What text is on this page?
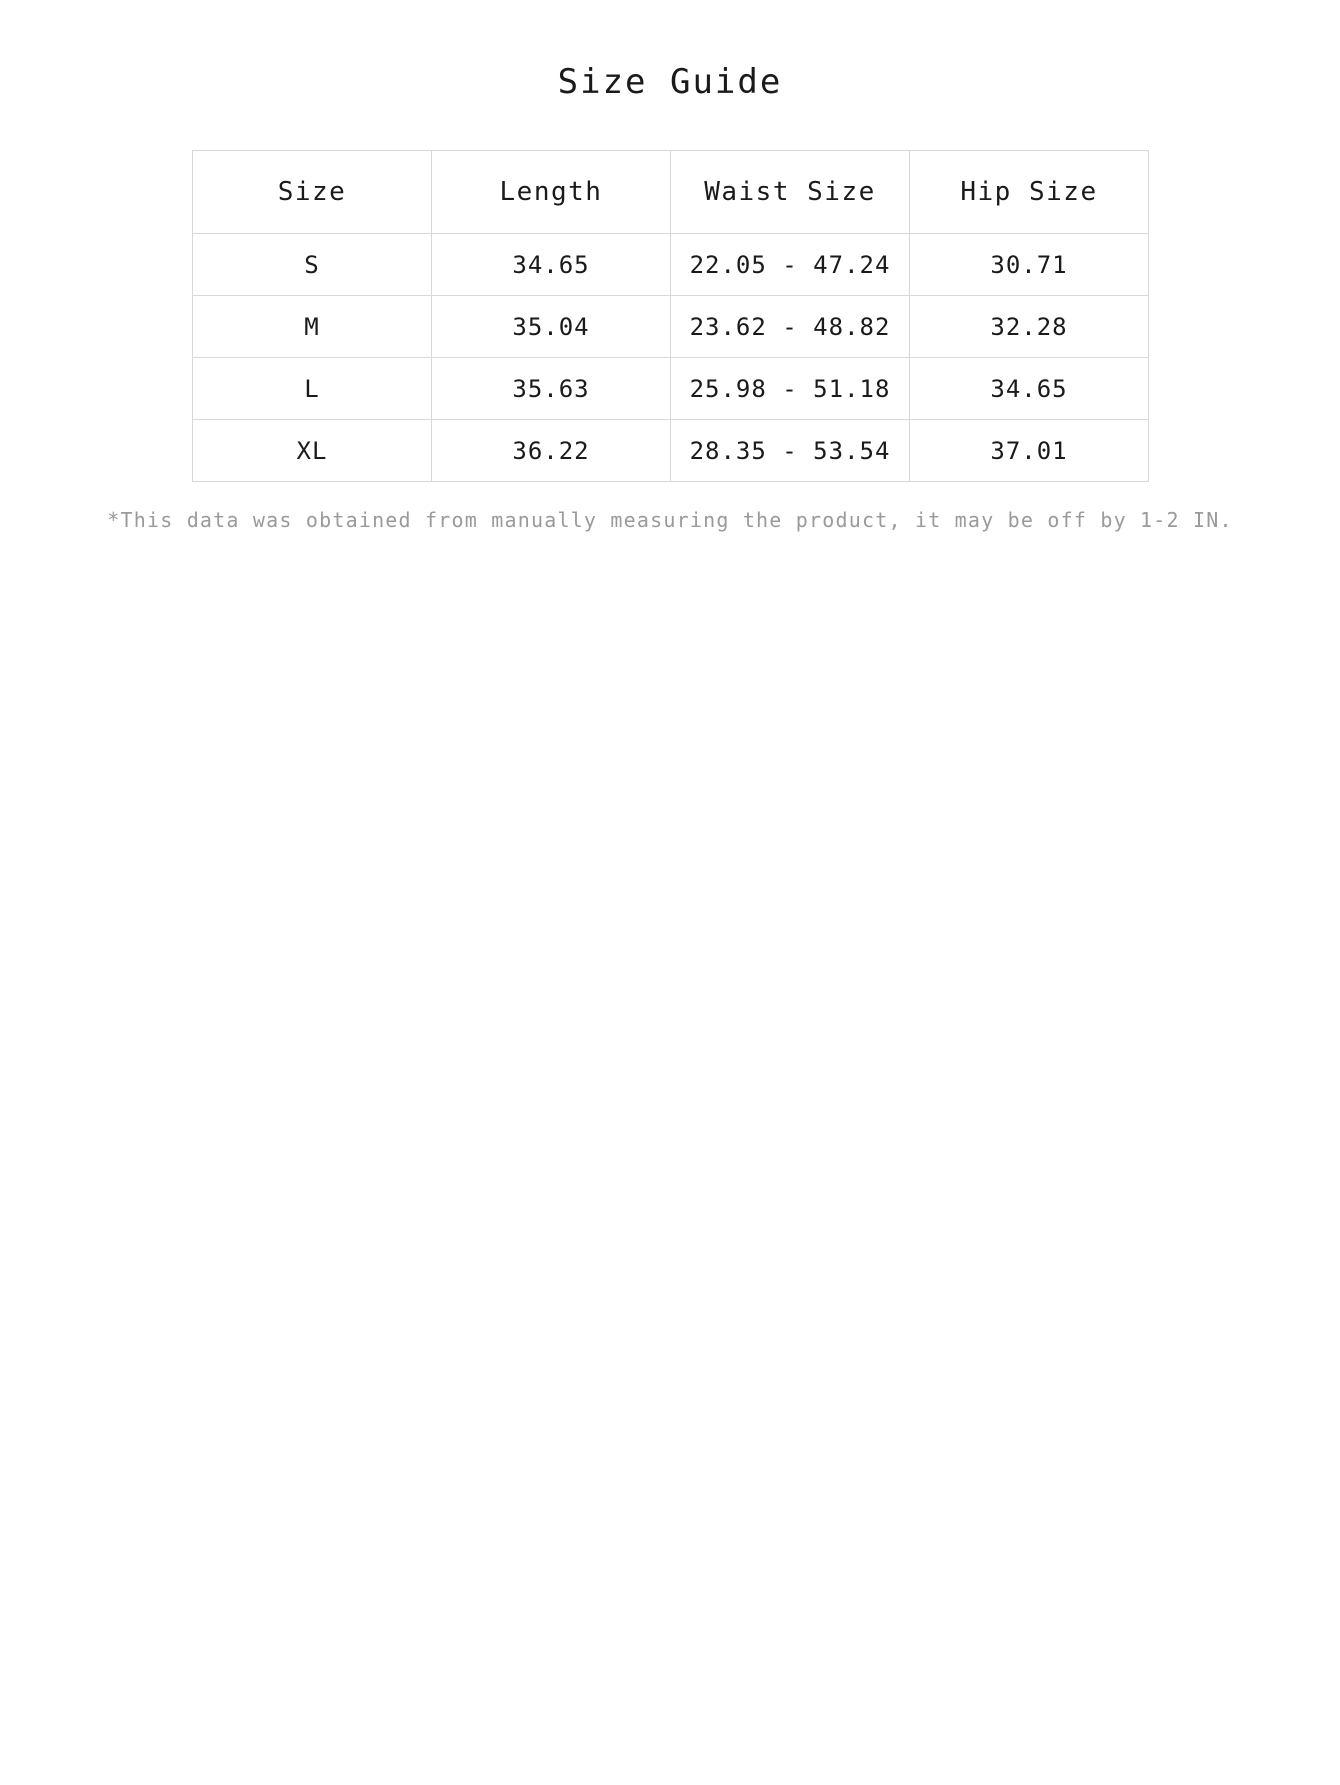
Size Guide
Size	Length	Waist Size	Hip Size
S	34.65	22.05 - 47.24	30.71
M	35.04	23.62 - 48.82	32.28
L	35.63	25.98 - 51.18	34.65
XL	36.22	28.35 - 53.54	37.01

*This data was obtained from manually measuring the product, it may be off by 1-2 IN.
